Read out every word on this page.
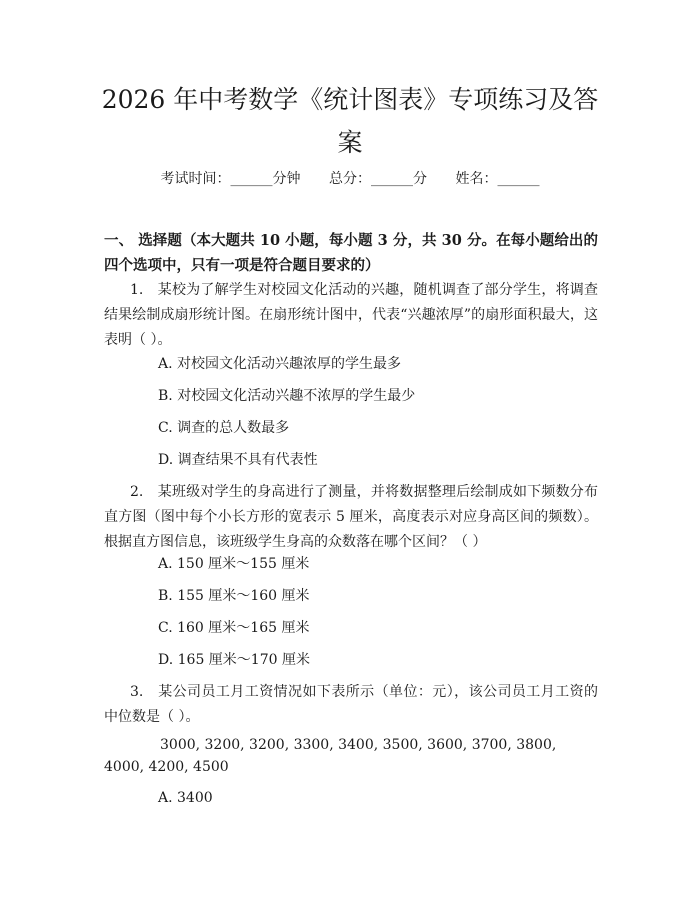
2026 年中考数学《统计图表》专项练习及答案
考试时间：______分钟 总分：______分 姓名：______
一、 选择题（本大题共 10 小题，每小题 3 分，共 30 分。在每小题给出的四个选项中，只有一项是符合题目要求的）
1.　某校为了解学生对校园文化活动的兴趣，随机调查了部分学生，将调查结果绘制成扇形统计图。在扇形统计图中，代表“兴趣浓厚”的扇形面积最大，这表明（ ）。
A. 对校园文化活动兴趣浓厚的学生最多
B. 对校园文化活动兴趣不浓厚的学生最少
C. 调查的总人数最多
D. 调查结果不具有代表性
2.　某班级对学生的身高进行了测量，并将数据整理后绘制成如下频数分布直方图（图中每个小长方形的宽表示 5 厘米，高度表示对应身高区间的频数）。根据直方图信息，该班级学生身高的众数落在哪个区间？（ ）
A. 150 厘米～155 厘米
B. 155 厘米～160 厘米
C. 160 厘米～165 厘米
D. 165 厘米～170 厘米
3.　某公司员工月工资情况如下表所示（单位：元），该公司员工月工资的中位数是（ ）。
3000, 3200, 3200, 3300, 3400, 3500, 3600, 3700, 3800, 4000, 4200, 4500
A. 3400
